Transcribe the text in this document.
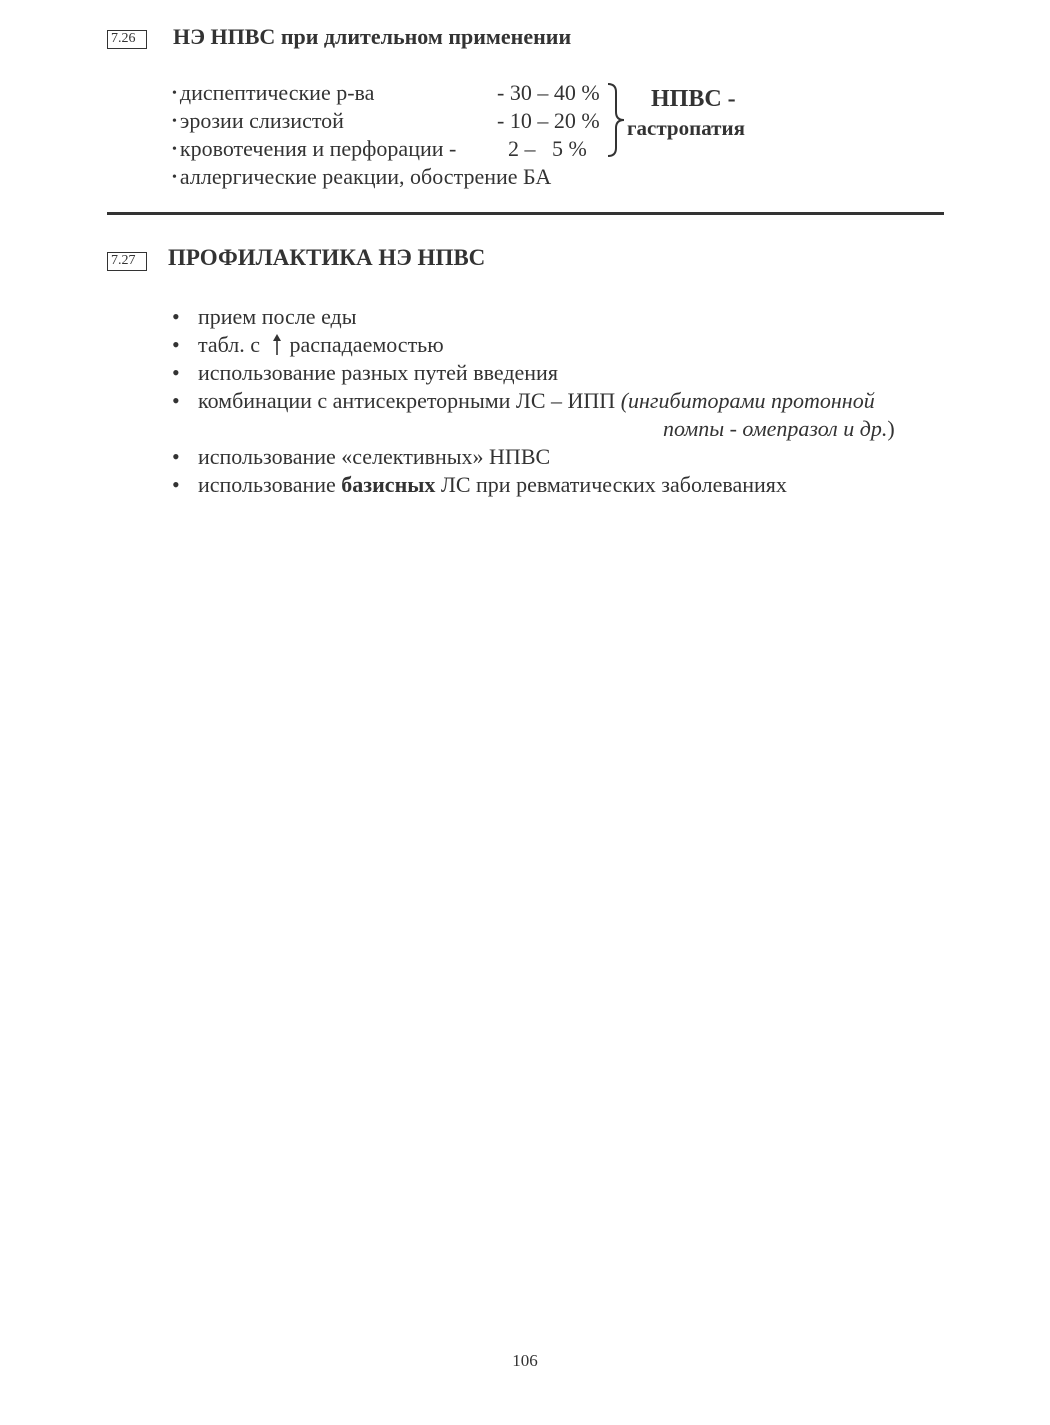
7.26	НЭ НПВС при длительном применении
• диспептические р-ва	- 30 – 40 %
• эрозии слизистой	- 10 – 20 %
• кровотечения и перфорации - 2 –   5 %
• аллергические реакции, обострение БА
НПВС -
гастропатия
7.27	ПРОФИЛАКТИКА НЭ НПВС
• прием после еды
• табл. с распадаемостью
• использование разных путей введения
• комбинации с антисекреторными ЛС – ИПП (ингибиторами протонной
помпы - омепразол и др.)
• использование «селективных» НПВС
• использование базисных ЛС при ревматических заболеваниях
106
